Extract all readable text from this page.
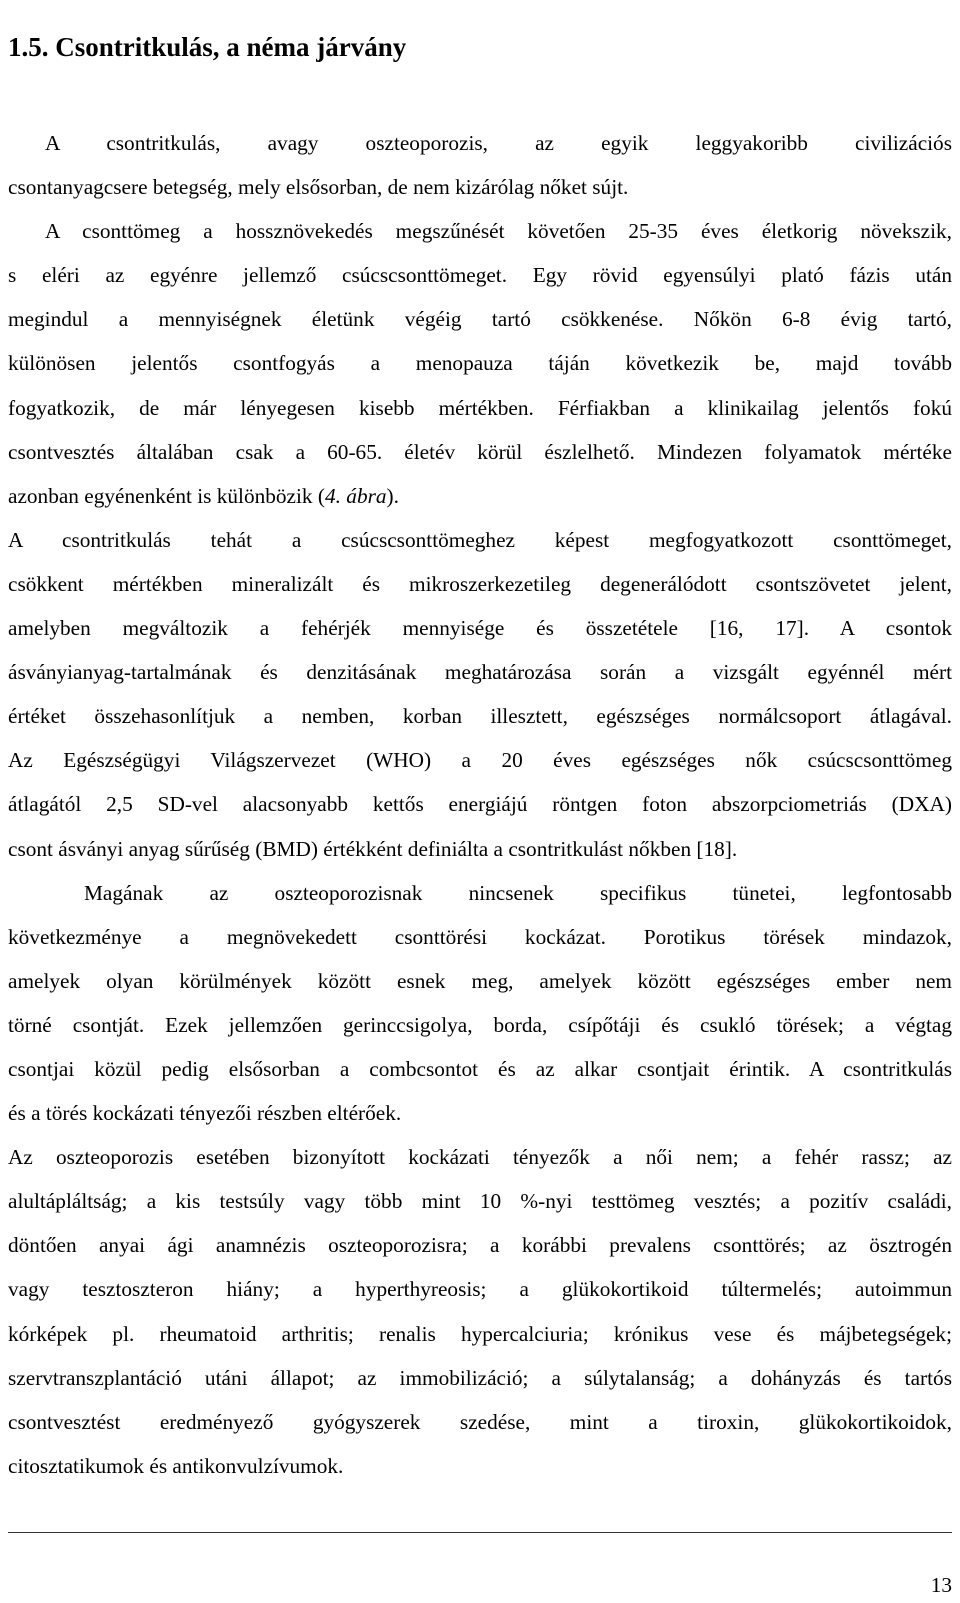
1.5. Csontritkulás, a néma járvány
A csontritkulás, avagy oszteoporozis, az egyik leggyakoribb civilizációs
csontanyagcsere betegség, mely elsősorban, de nem kizárólag nőket sújt.
A csonttömeg a hossznövekedés megszűnését követően 25-35 éves életkorig növekszik,
s eléri az egyénre jellemző csúcscsonttömeget. Egy rövid egyensúlyi plató fázis után
megindul a mennyiségnek életünk végéig tartó csökkenése. Nőkön 6-8 évig tartó,
különösen jelentős csontfogyás a menopauza táján következik be, majd tovább
fogyatkozik, de már lényegesen kisebb mértékben. Férfiakban a klinikailag jelentős fokú
csontvesztés általában csak a 60-65. életév körül észlelhető. Mindezen folyamatok mértéke
azonban egyénenként is különbözik (4. ábra).
A csontritkulás tehát a csúcscsonttömeghez képest megfogyatkozott csonttömeget,
csökkent mértékben mineralizált és mikroszerkezetileg degenerálódott csontszövetet jelent,
amelyben megváltozik a fehérjék mennyisége és összetétele [16, 17]. A csontok
ásványianyag-tartalmának és denzitásának meghatározása során a vizsgált egyénnél mért
értéket összehasonlítjuk a nemben, korban illesztett, egészséges normálcsoport átlagával.
Az Egészségügyi Világszervezet (WHO) a 20 éves egészséges nők csúcscsonttömeg
átlagától 2,5 SD-vel alacsonyabb kettős energiájú röntgen foton abszorpciometriás (DXA)
csont ásványi anyag sűrűség (BMD) értékként definiálta a csontritkulást nőkben [18].
Magának az oszteoporozisnak nincsenek specifikus tünetei, legfontosabb
következménye a megnövekedett csonttörési kockázat. Porotikus törések mindazok,
amelyek olyan körülmények között esnek meg, amelyek között egészséges ember nem
törné csontját. Ezek jellemzően gerinccsigolya, borda, csípőtáji és csukló törések; a végtag
csontjai közül pedig elsősorban a combcsontot és az alkar csontjait érintik. A csontritkulás
és a törés kockázati tényezői részben eltérőek.
Az oszteoporozis esetében bizonyított kockázati tényezők a női nem; a fehér rassz; az
alultápláltság; a kis testsúly vagy több mint 10 %-nyi testtömeg vesztés; a pozitív családi,
döntően anyai ági anamnézis oszteoporozisra; a korábbi prevalens csonttörés; az ösztrogén
vagy tesztoszteron hiány; a hyperthyreosis; a glükokortikoid túltermelés; autoimmun
kórképek pl. rheumatoid arthritis; renalis hypercalciuria; krónikus vese és májbetegségek;
szervtranszplantáció utáni állapot; az immobilizáció; a súlytalanság; a dohányzás és tartós
csontvesztést eredményező gyógyszerek szedése, mint a tiroxin, glükokortikoidok,
citosztatikumok és antikonvulzívumok.
13
